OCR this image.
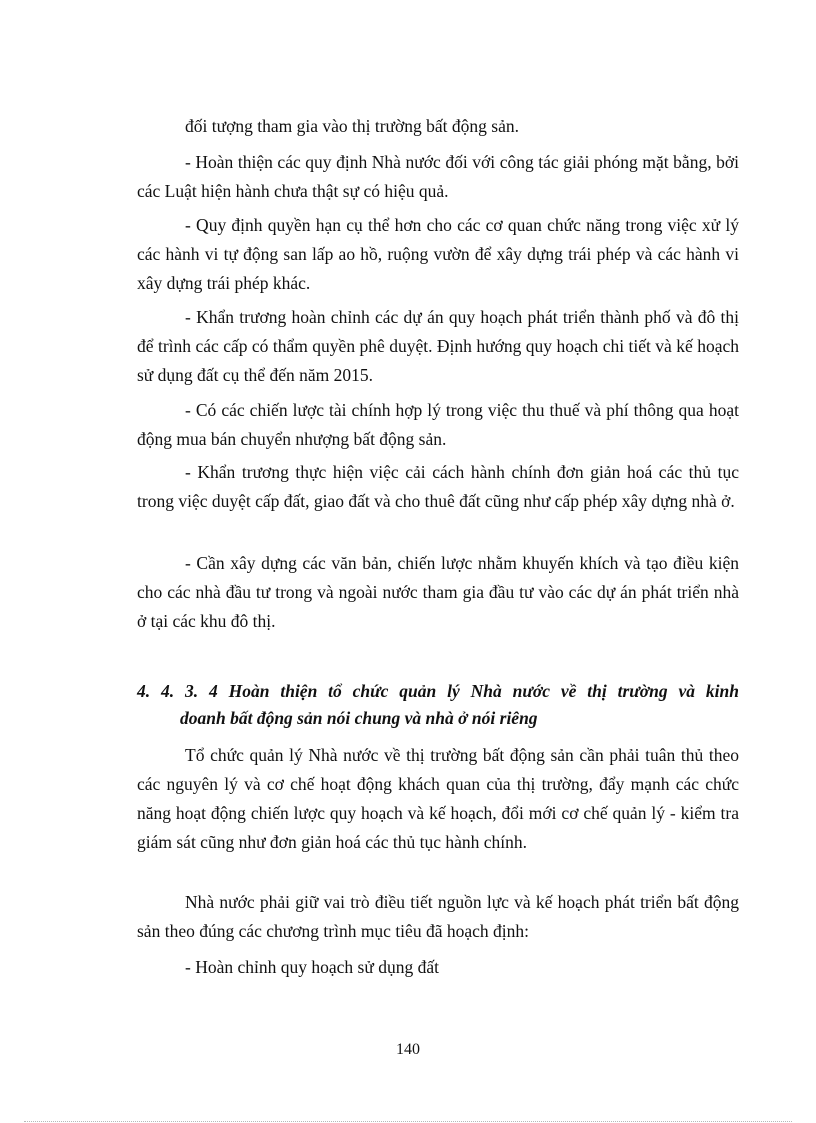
đối tượng tham gia vào thị trường bất động sản.

- Hoàn thiện các quy định Nhà nước đối với công tác giải phóng mặt bằng, bởi các Luật hiện hành chưa thật sự có hiệu quả.

- Quy định quyền hạn cụ thể hơn cho các cơ quan chức năng trong việc xử lý các hành vi tự động san lấp ao hồ, ruộng vườn để xây dựng trái phép và các hành vi xây dựng trái phép khác.

- Khẩn trương hoàn chỉnh các dự án quy hoạch phát triển thành phố và đô thị để trình các cấp có thẩm quyền phê duyệt. Định hướng quy hoạch chi tiết và kế hoạch sử dụng đất cụ thể đến năm 2015.

- Có các chiến lược tài chính hợp lý trong việc thu thuế và phí thông qua hoạt động mua bán chuyển nhượng bất động sản.

- Khẩn trương thực hiện việc cải cách hành chính đơn giản hoá các thủ tục trong việc duyệt cấp đất, giao đất và cho thuê đất cũng như cấp phép xây dựng nhà ở.

- Cần xây dựng các văn bản, chiến lược nhằm khuyến khích và tạo điều kiện cho các nhà đầu tư trong và ngoài nước tham gia đầu tư vào các dự án phát triển nhà ở tại các khu đô thị.

4. 4. 3. 4 Hoàn thiện tổ chức quản lý Nhà nước về thị trường và kinh
doanh bất động sản nói chung và nhà ở nói riêng

Tổ chức quản lý Nhà nước về thị trường bất động sản cần phải tuân thủ theo các nguyên lý và cơ chế hoạt động khách quan của thị trường, đẩy mạnh các chức năng hoạt động chiến lược quy hoạch và kế hoạch, đổi mới cơ chế quản lý - kiểm tra giám sát cũng như đơn giản hoá các thủ tục hành chính.

Nhà nước phải giữ vai trò điều tiết nguồn lực và kế hoạch phát triển bất động sản theo đúng các chương trình mục tiêu đã hoạch định:

- Hoàn chỉnh quy hoạch sử dụng đất

140
